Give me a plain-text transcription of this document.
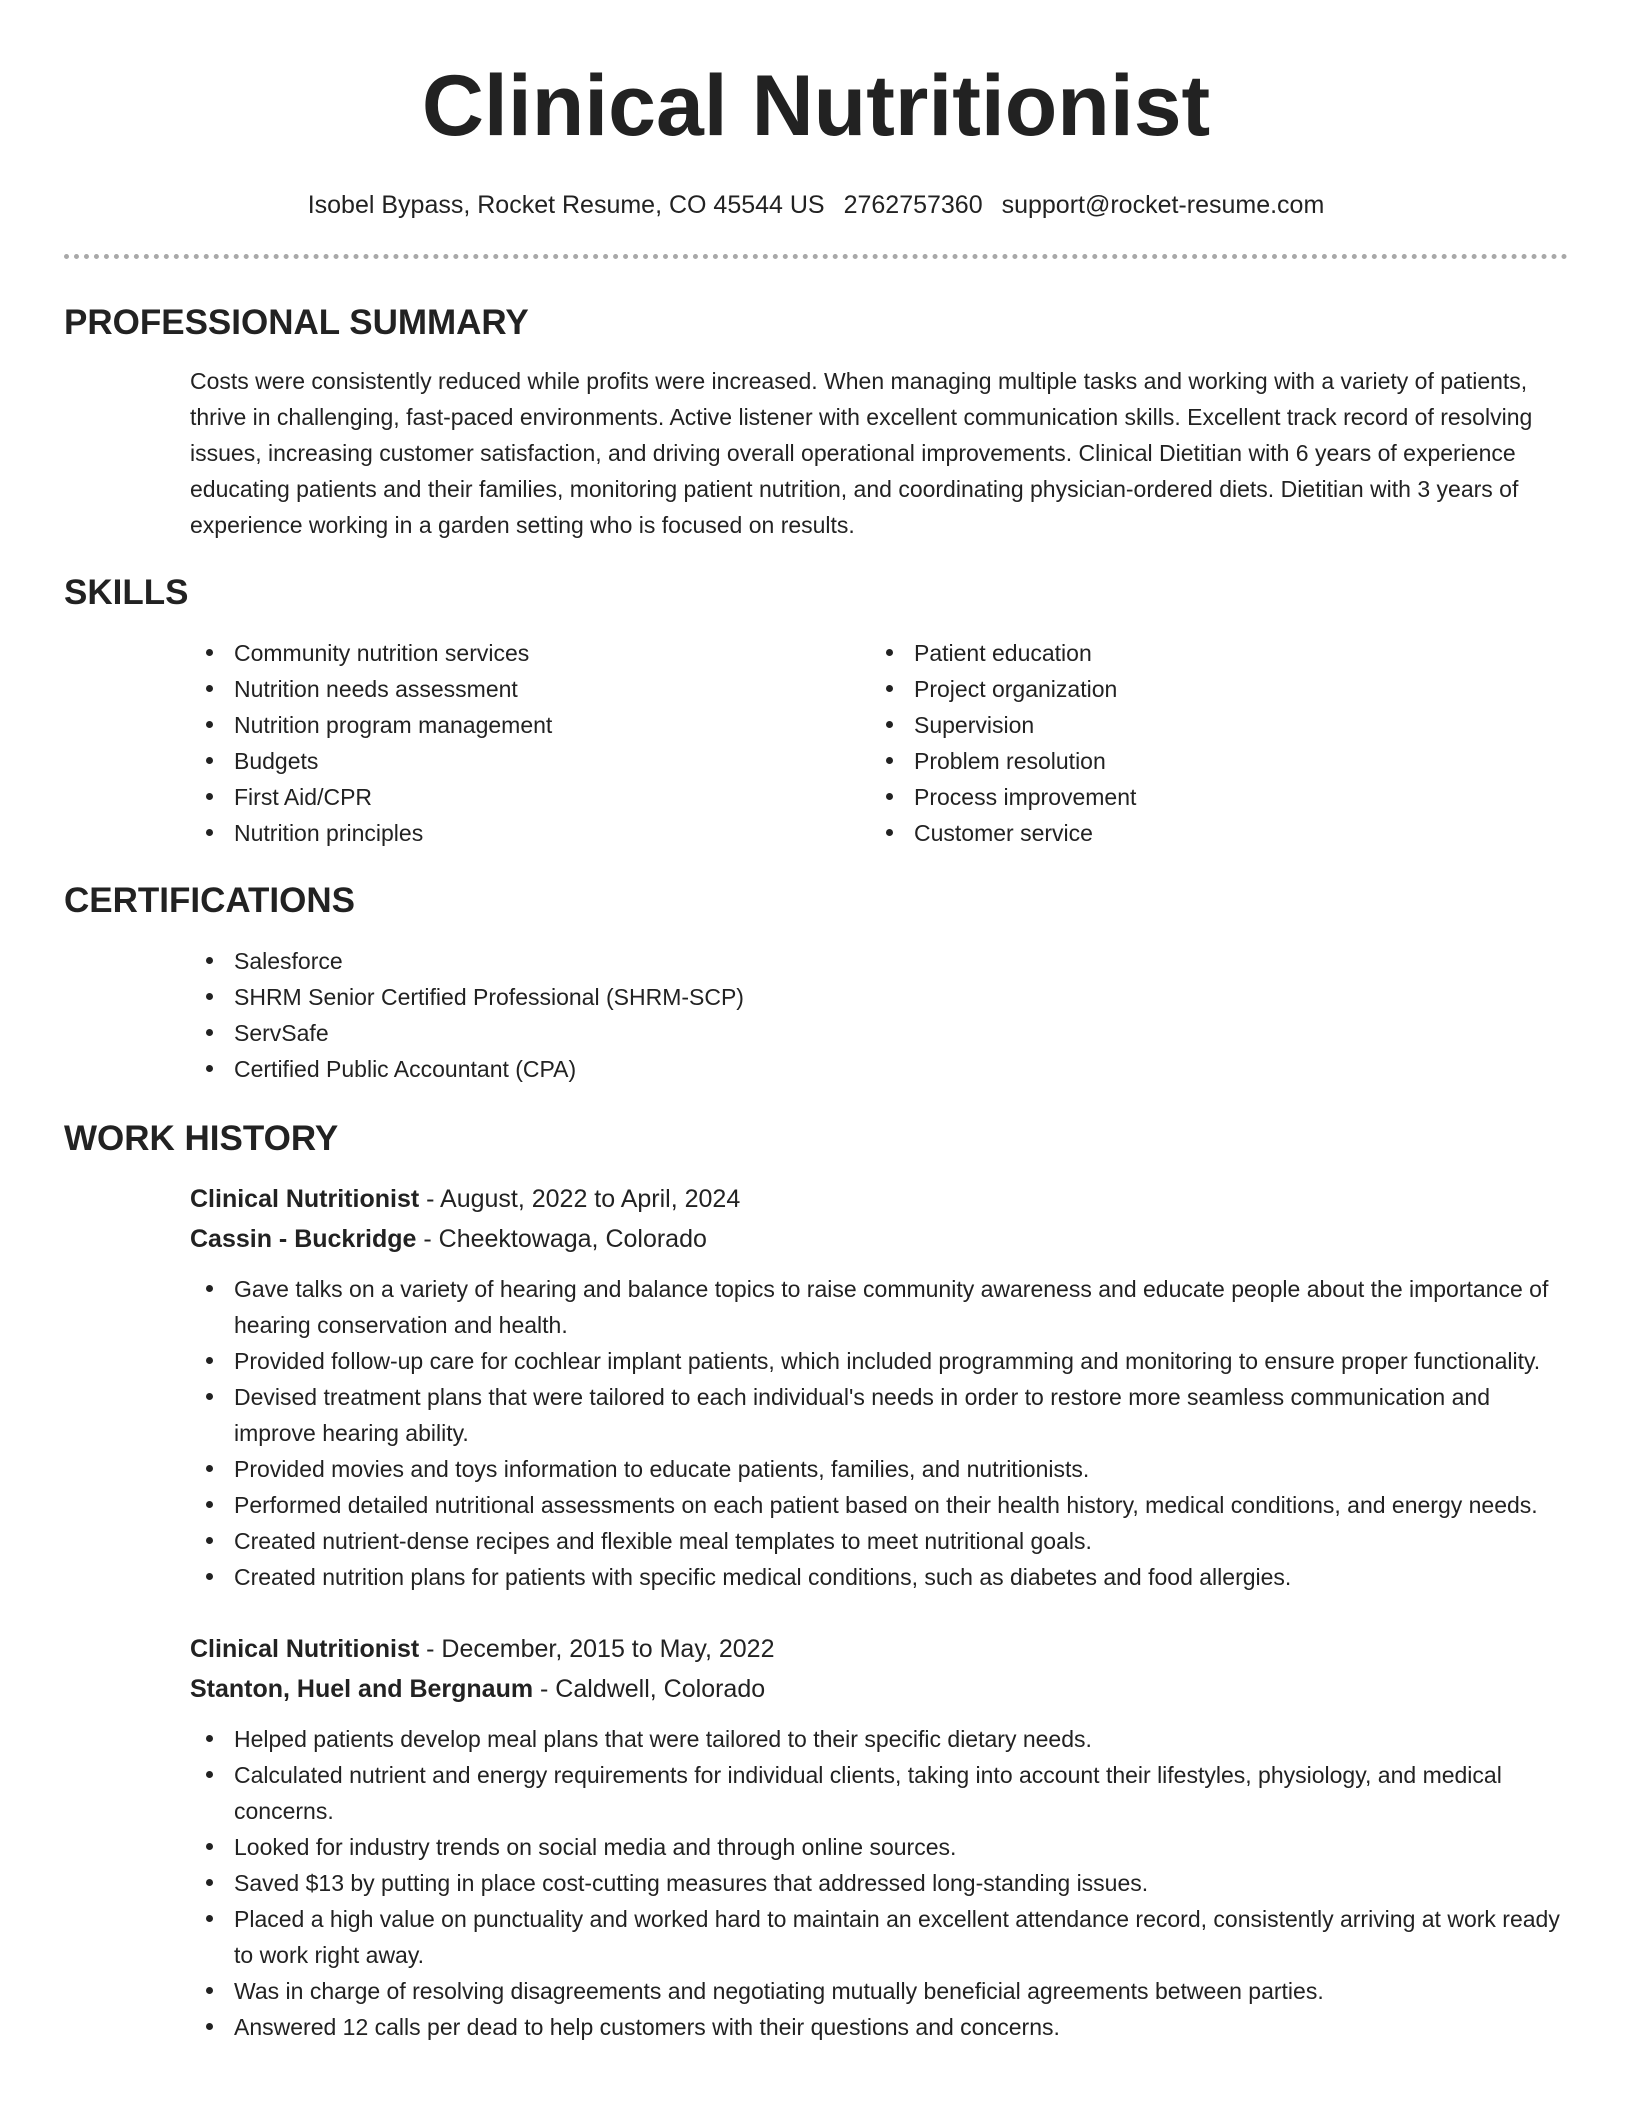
Clinical Nutritionist
Isobel Bypass, Rocket Resume, CO 45544 US 2762757360 support@rocket-resume.com
PROFESSIONAL SUMMARY
Costs were consistently reduced while profits were increased. When managing multiple tasks and working with a variety of patients, thrive in challenging, fast-paced environments. Active listener with excellent communication skills. Excellent track record of resolving issues, increasing customer satisfaction, and driving overall operational improvements. Clinical Dietitian with 6 years of experience educating patients and their families, monitoring patient nutrition, and coordinating physician-ordered diets. Dietitian with 3 years of experience working in a garden setting who is focused on results.
SKILLS
Community nutrition services
Nutrition needs assessment
Nutrition program management
Budgets
First Aid/CPR
Nutrition principles
Patient education
Project organization
Supervision
Problem resolution
Process improvement
Customer service
CERTIFICATIONS
Salesforce
SHRM Senior Certified Professional (SHRM-SCP)
ServSafe
Certified Public Accountant (CPA)
WORK HISTORY
Clinical Nutritionist - August, 2022 to April, 2024
Cassin - Buckridge - Cheektowaga, Colorado
Gave talks on a variety of hearing and balance topics to raise community awareness and educate people about the importance of hearing conservation and health.
Provided follow-up care for cochlear implant patients, which included programming and monitoring to ensure proper functionality.
Devised treatment plans that were tailored to each individual's needs in order to restore more seamless communication and improve hearing ability.
Provided movies and toys information to educate patients, families, and nutritionists.
Performed detailed nutritional assessments on each patient based on their health history, medical conditions, and energy needs.
Created nutrient-dense recipes and flexible meal templates to meet nutritional goals.
Created nutrition plans for patients with specific medical conditions, such as diabetes and food allergies.
Clinical Nutritionist - December, 2015 to May, 2022
Stanton, Huel and Bergnaum - Caldwell, Colorado
Helped patients develop meal plans that were tailored to their specific dietary needs.
Calculated nutrient and energy requirements for individual clients, taking into account their lifestyles, physiology, and medical concerns.
Looked for industry trends on social media and through online sources.
Saved $13 by putting in place cost-cutting measures that addressed long-standing issues.
Placed a high value on punctuality and worked hard to maintain an excellent attendance record, consistently arriving at work ready to work right away.
Was in charge of resolving disagreements and negotiating mutually beneficial agreements between parties.
Answered 12 calls per dead to help customers with their questions and concerns.
